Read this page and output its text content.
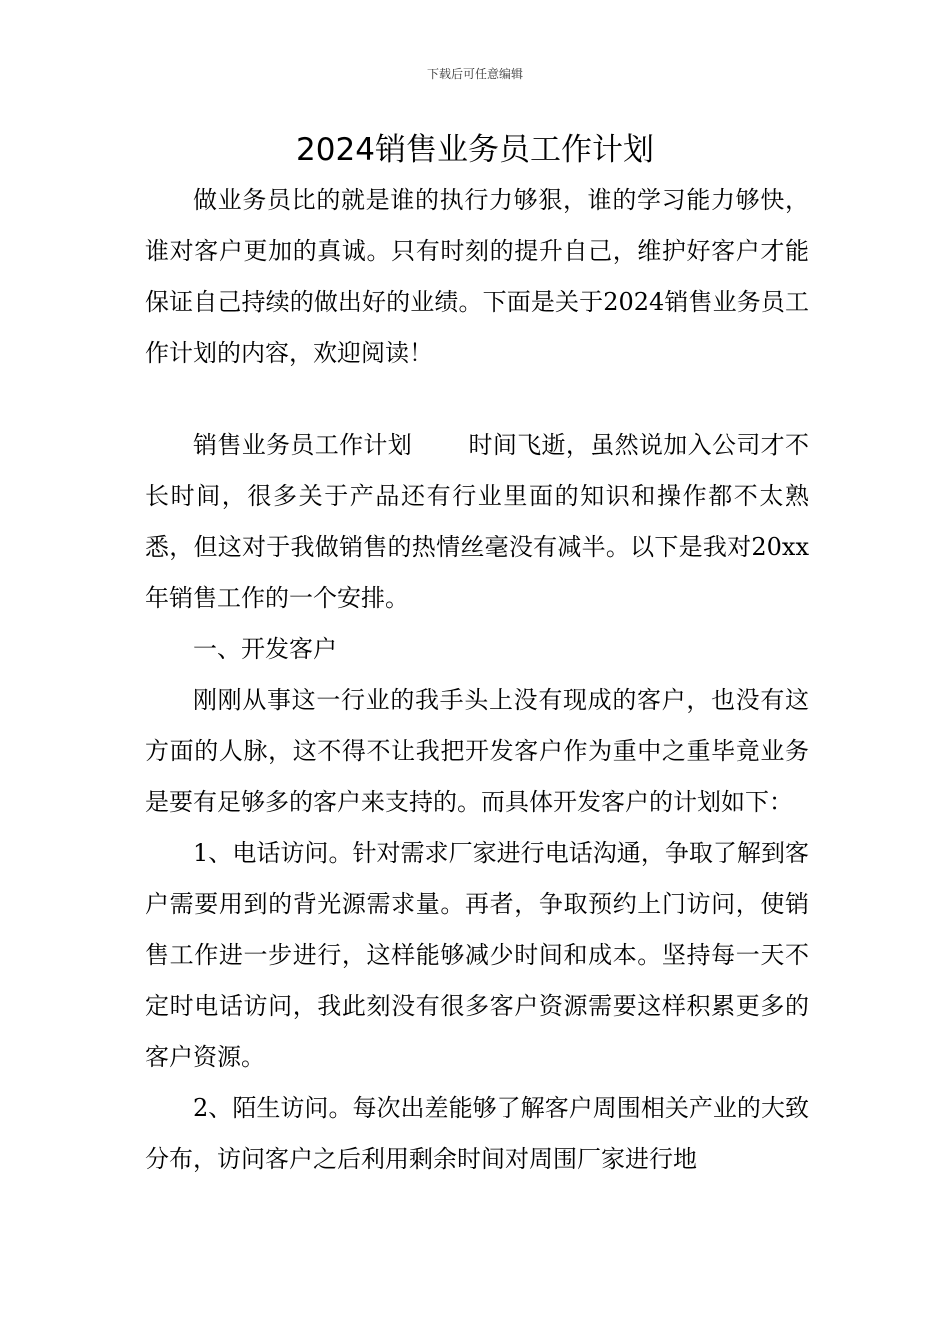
下载后可任意编辑
2024销售业务员工作计划

做业务员比的就是谁的执行力够狠，谁的学习能力够快，谁对客户更加的真诚。只有时刻的提升自己，维护好客户才能保证自己持续的做出好的业绩。下面是关于2024销售业务员工作计划的内容，欢迎阅读！

销售业务员工作计划 时间飞逝，虽然说加入公司才不长时间，很多关于产品还有行业里面的知识和操作都不太熟悉，但这对于我做销售的热情丝毫没有减半。以下是我对20xx年销售工作的一个安排。

一、开发客户

刚刚从事这一行业的我手头上没有现成的客户，也没有这方面的人脉，这不得不让我把开发客户作为重中之重毕竟业务是要有足够多的客户来支持的。而具体开发客户的计划如下：

1、电话访问。针对需求厂家进行电话沟通，争取了解到客户需要用到的背光源需求量。再者，争取预约上门访问，使销售工作进一步进行，这样能够减少时间和成本。坚持每一天不定时电话访问，我此刻没有很多客户资源需要这样积累更多的客户资源。

2、陌生访问。每次出差能够了解客户周围相关产业的大致分布，访问客户之后利用剩余时间对周围厂家进行地
